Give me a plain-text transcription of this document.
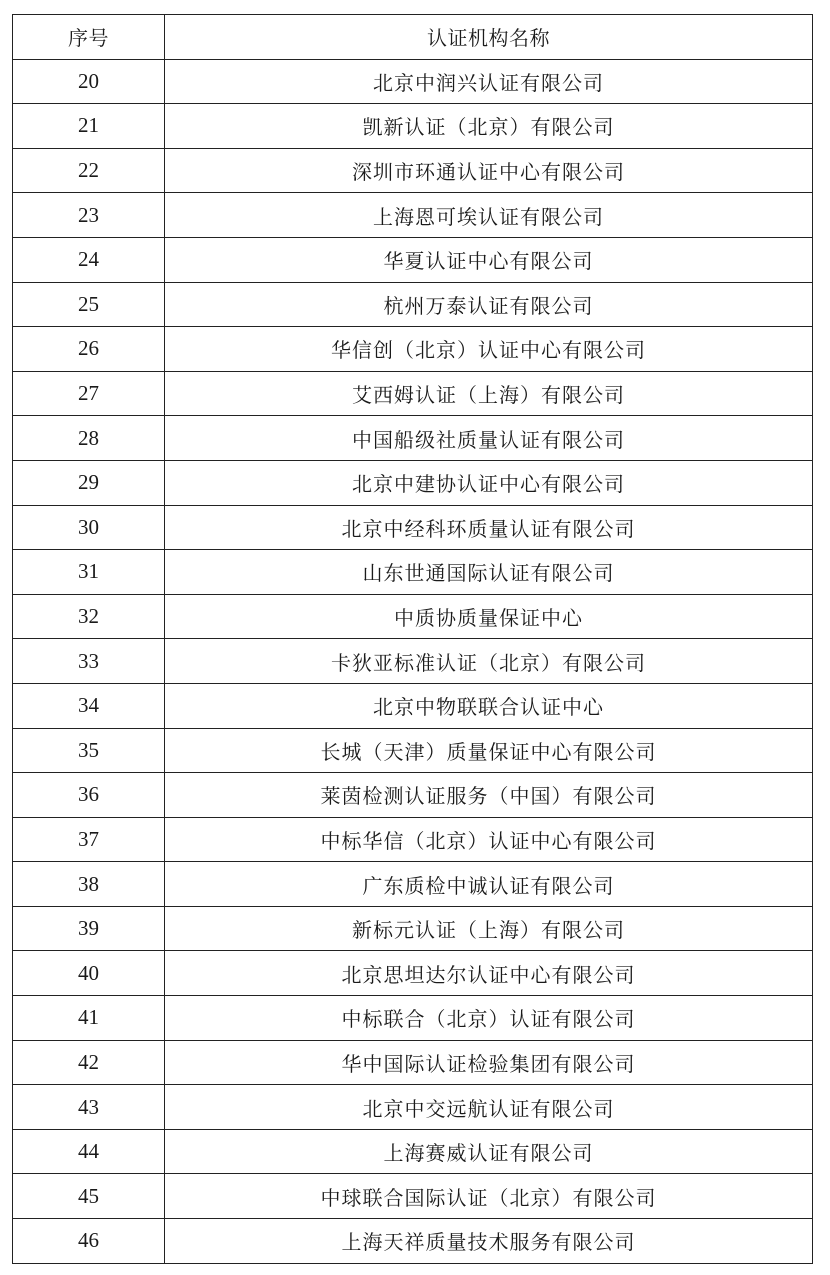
序号	认证机构名称
20	北京中润兴认证有限公司
21	凯新认证（北京）有限公司
22	深圳市环通认证中心有限公司
23	上海恩可埃认证有限公司
24	华夏认证中心有限公司
25	杭州万泰认证有限公司
26	华信创（北京）认证中心有限公司
27	艾西姆认证（上海）有限公司
28	中国船级社质量认证有限公司
29	北京中建协认证中心有限公司
30	北京中经科环质量认证有限公司
31	山东世通国际认证有限公司
32	中质协质量保证中心
33	卡狄亚标准认证（北京）有限公司
34	北京中物联联合认证中心
35	长城（天津）质量保证中心有限公司
36	莱茵检测认证服务（中国）有限公司
37	中标华信（北京）认证中心有限公司
38	广东质检中诚认证有限公司
39	新标元认证（上海）有限公司
40	北京思坦达尔认证中心有限公司
41	中标联合（北京）认证有限公司
42	华中国际认证检验集团有限公司
43	北京中交远航认证有限公司
44	上海赛威认证有限公司
45	中球联合国际认证（北京）有限公司
46	上海天祥质量技术服务有限公司
